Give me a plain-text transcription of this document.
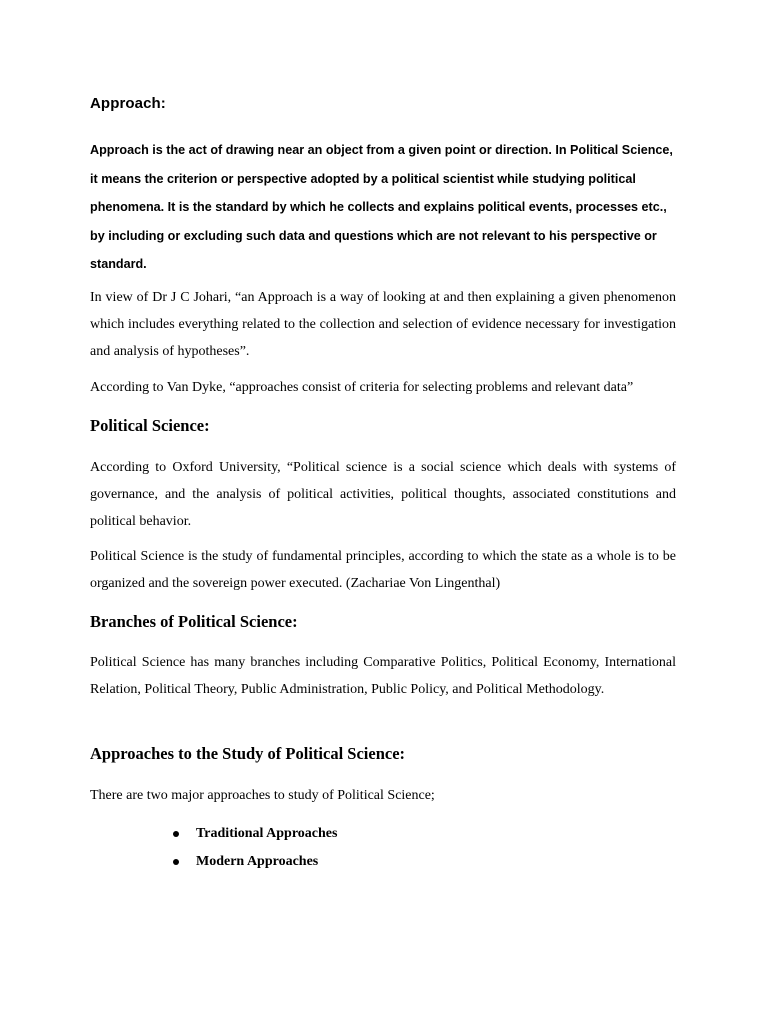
Approach:

Approach is the act of drawing near an object from a given point or direction. In Political Science, it means the criterion or perspective adopted by a political scientist while studying political phenomena. It is the standard by which he collects and explains political events, processes etc., by including or excluding such data and questions which are not relevant to his perspective or standard.

In view of Dr J C Johari, “an Approach is a way of looking at and then explaining a given phenomenon which includes everything related to the collection and selection of evidence necessary for investigation and analysis of hypotheses”.

According to Van Dyke, “approaches consist of criteria for selecting problems and relevant data”

Political Science:

According to Oxford University, “Political science is a social science which deals with systems of governance, and the analysis of political activities, political thoughts, associated constitutions and political behavior.

Political Science is the study of fundamental principles, according to which the state as a whole is to be organized and the sovereign power executed. (Zachariae Von Lingenthal)

Branches of Political Science:

Political Science has many branches including Comparative Politics, Political Economy, International Relation, Political Theory, Public Administration, Public Policy, and Political Methodology.

Approaches to the Study of Political Science:

There are two major approaches to study of Political Science;

Traditional Approaches
Modern Approaches
